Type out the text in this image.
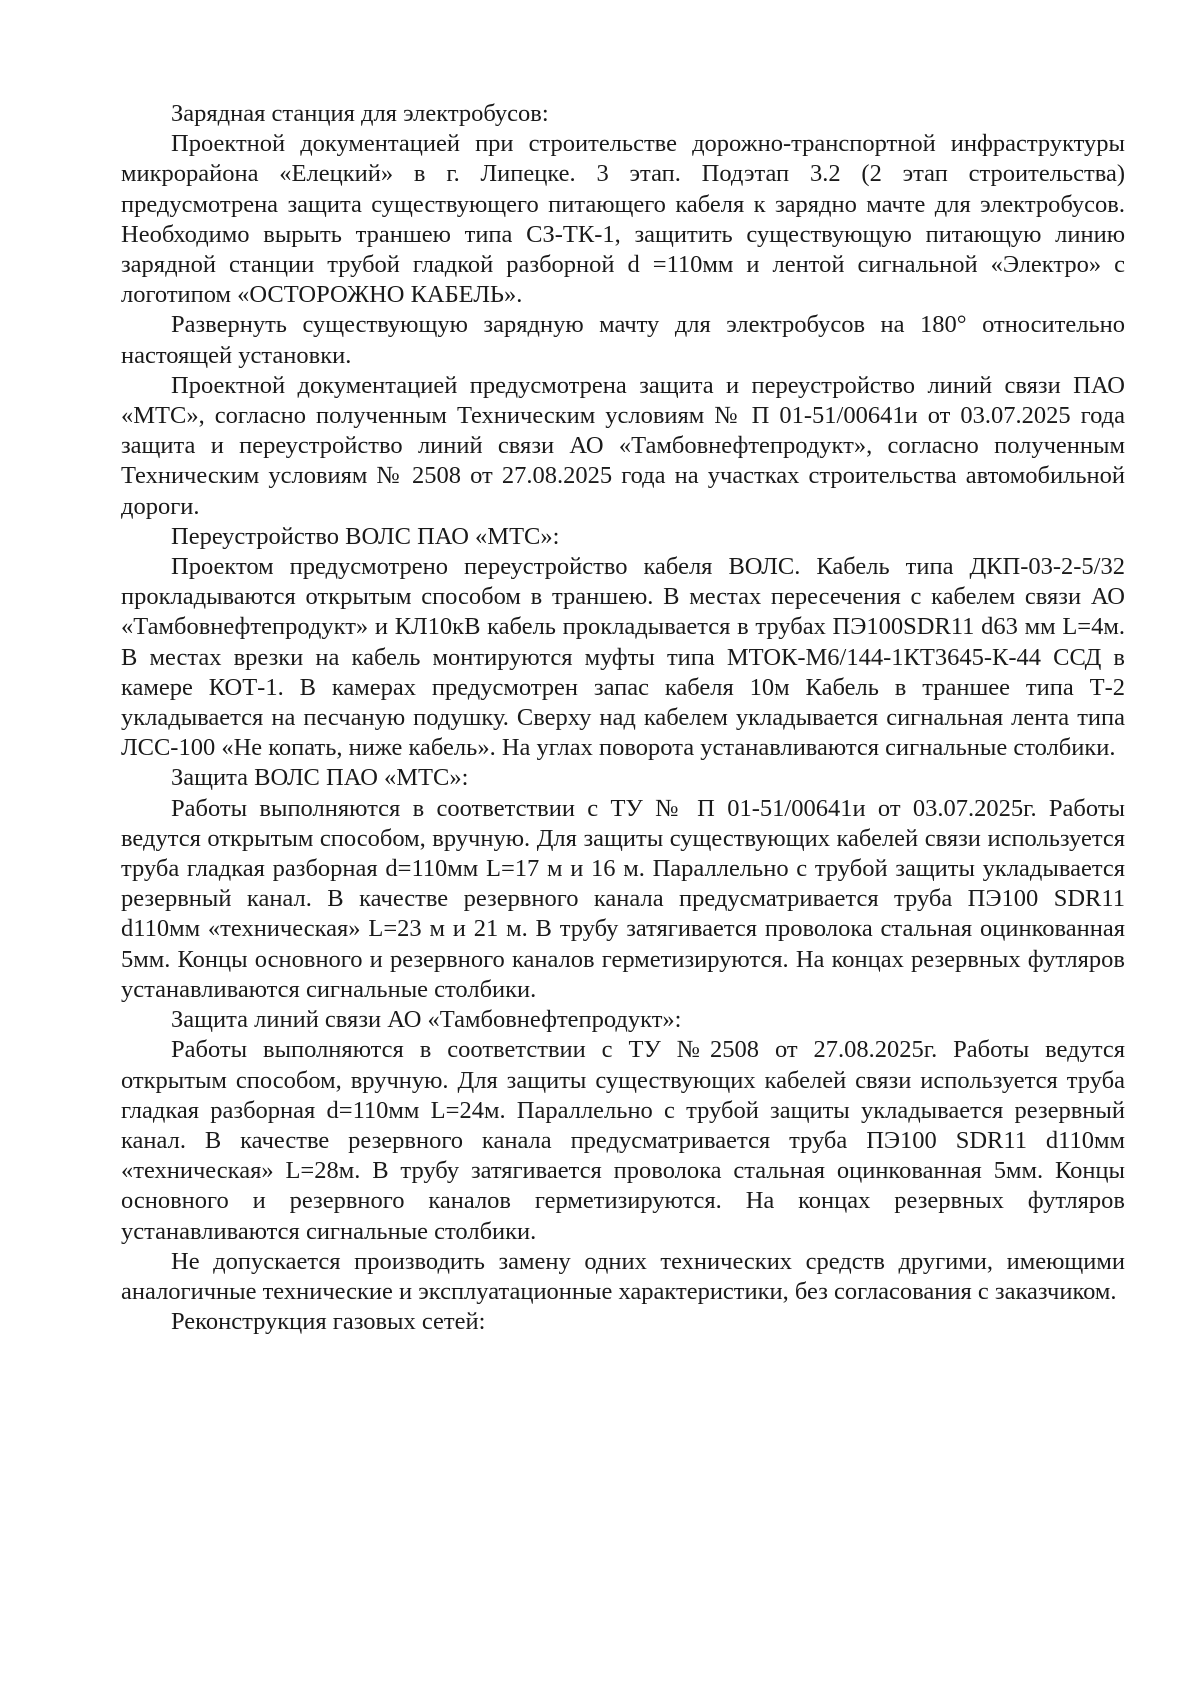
Зарядная станция для электробусов:

Проектной документацией при строительстве дорожно-транспортной инфраструктуры микрорайона «Елецкий» в г. Липецке. 3 этап. Подэтап 3.2 (2 этап строительства) предусмотрена защита существующего питающего кабеля к зарядно мачте для электробусов. Необходимо вырыть траншею типа СЗ-ТК-1, защитить существующую питающую линию зарядной станции трубой гладкой разборной d =110мм и лентой сигнальной «Электро» с логотипом «ОСТОРОЖНО КАБЕЛЬ».

Развернуть существующую зарядную мачту для электробусов на 180° относительно настоящей установки.

Проектной документацией предусмотрена защита и переустройство линий связи ПАО «МТС», согласно полученным Техническим условиям № П 01-51/00641и от 03.07.2025 года защита и переустройство линий связи АО «Тамбовнефтепродукт», согласно полученным Техническим условиям № 2508 от 27.08.2025 года на участках строительства автомобильной дороги.

Переустройство ВОЛС ПАО «МТС»:

Проектом предусмотрено переустройство кабеля ВОЛС. Кабель типа ДКП-03-2-5/32 прокладываются открытым способом в траншею. В местах пересечения с кабелем связи АО «Тамбовнефтепродукт» и КЛ10кВ кабель прокладывается в трубах ПЭ100SDR11 d63 мм L=4м. В местах врезки на кабель монтируются муфты типа МТОК-М6/144-1КТ3645-К-44 ССД в камере КОТ-1. В камерах предусмотрен запас кабеля 10м Кабель в траншее типа Т-2 укладывается на песчаную подушку. Сверху над кабелем укладывается сигнальная лента типа ЛСС-100 «Не копать, ниже кабель». На углах поворота устанавливаются сигнальные столбики.

Защита ВОЛС ПАО «МТС»:

Работы выполняются в соответствии с ТУ № П 01-51/00641и от 03.07.2025г. Работы ведутся открытым способом, вручную. Для защиты существующих кабелей связи используется труба гладкая разборная d=110мм L=17 м и 16 м. Параллельно с трубой защиты укладывается резервный канал. В качестве резервного канала предусматривается труба ПЭ100 SDR11 d110мм «техническая» L=23 м и 21 м. В трубу затягивается проволока стальная оцинкованная 5мм. Концы основного и резервного каналов герметизируются. На концах резервных футляров устанавливаются сигнальные столбики.

Защита линий связи АО «Тамбовнефтепродукт»:

Работы выполняются в соответствии с ТУ №2508 от 27.08.2025г. Работы ведутся открытым способом, вручную. Для защиты существующих кабелей связи используется труба гладкая разборная d=110мм L=24м. Параллельно с трубой защиты укладывается резервный канал. В качестве резервного канала предусматривается труба ПЭ100 SDR11 d110мм «техническая» L=28м. В трубу затягивается проволока стальная оцинкованная 5мм. Концы основного и резервного каналов герметизируются. На концах резервных футляров устанавливаются сигнальные столбики.

Не допускается производить замену одних технических средств другими, имеющими аналогичные технические и эксплуатационные характеристики, без согласования с заказчиком.

Реконструкция газовых сетей:
